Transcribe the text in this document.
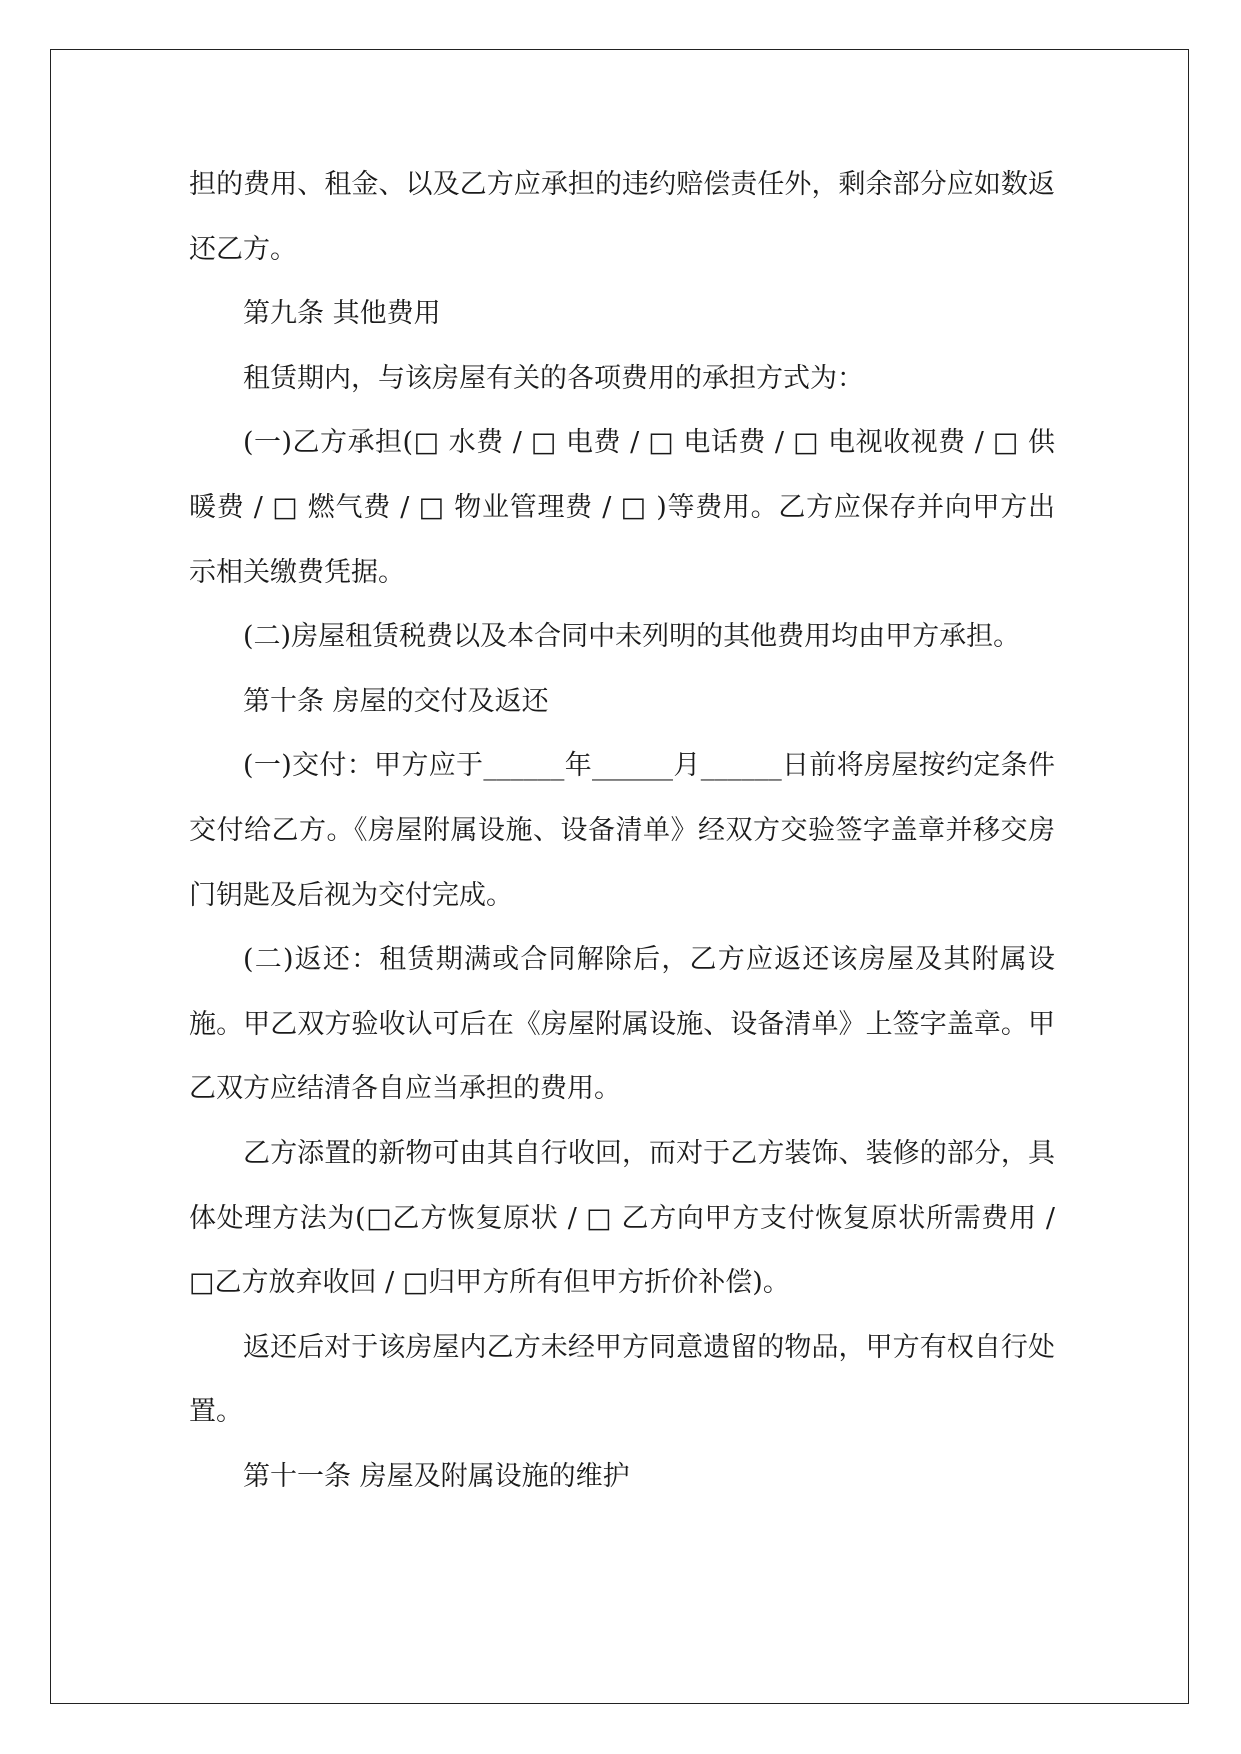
担的费用、租金、以及乙方应承担的违约赔偿责任外，剩余部分应如数返还乙方。

第九条 其他费用

租赁期内，与该房屋有关的各项费用的承担方式为：

(一)乙方承担(□ 水费 / □ 电费 / □ 电话费 / □ 电视收视费 / □ 供暖费 / □ 燃气费 / □ 物业管理费 / □ )等费用。乙方应保存并向甲方出示相关缴费凭据。

(二)房屋租赁税费以及本合同中未列明的其他费用均由甲方承担。

第十条 房屋的交付及返还

(一)交付：甲方应于______年______月______日前将房屋按约定条件交付给乙方。《房屋附属设施、设备清单》经双方交验签字盖章并移交房门钥匙及后视为交付完成。

(二)返还：租赁期满或合同解除后，乙方应返还该房屋及其附属设施。甲乙双方验收认可后在《房屋附属设施、设备清单》上签字盖章。甲乙双方应结清各自应当承担的费用。

乙方添置的新物可由其自行收回，而对于乙方装饰、装修的部分，具体处理方法为(□乙方恢复原状 / □ 乙方向甲方支付恢复原状所需费用 / □乙方放弃收回 / □归甲方所有但甲方折价补偿)。

返还后对于该房屋内乙方未经甲方同意遗留的物品，甲方有权自行处置。

第十一条 房屋及附属设施的维护
